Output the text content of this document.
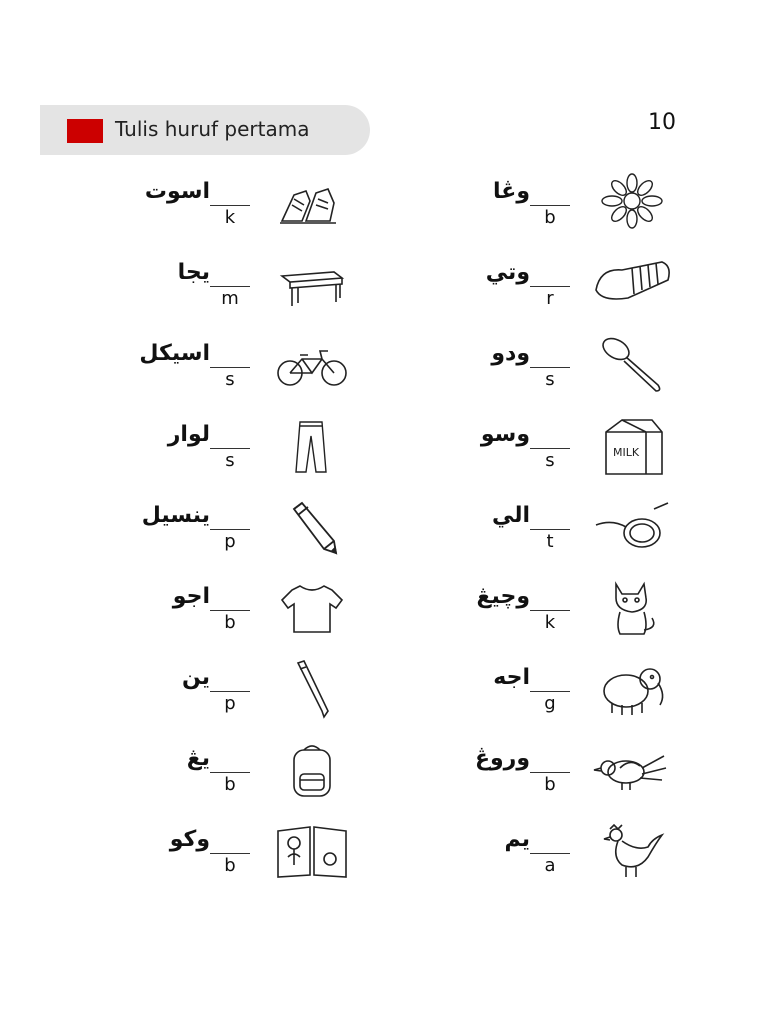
Tulis huruf pertama	10
اسوت
k
يجا
m
اسيكل
s
لوار
s
ينسيل
p
اجو
b
ين
p
يڠ
b
وكو
b
وڠا
b
وتي
r
ودو
s
وسو
s	MILK
الي
t
وچيڠ
k
اجه
g
وروڠ
b
يم
a
